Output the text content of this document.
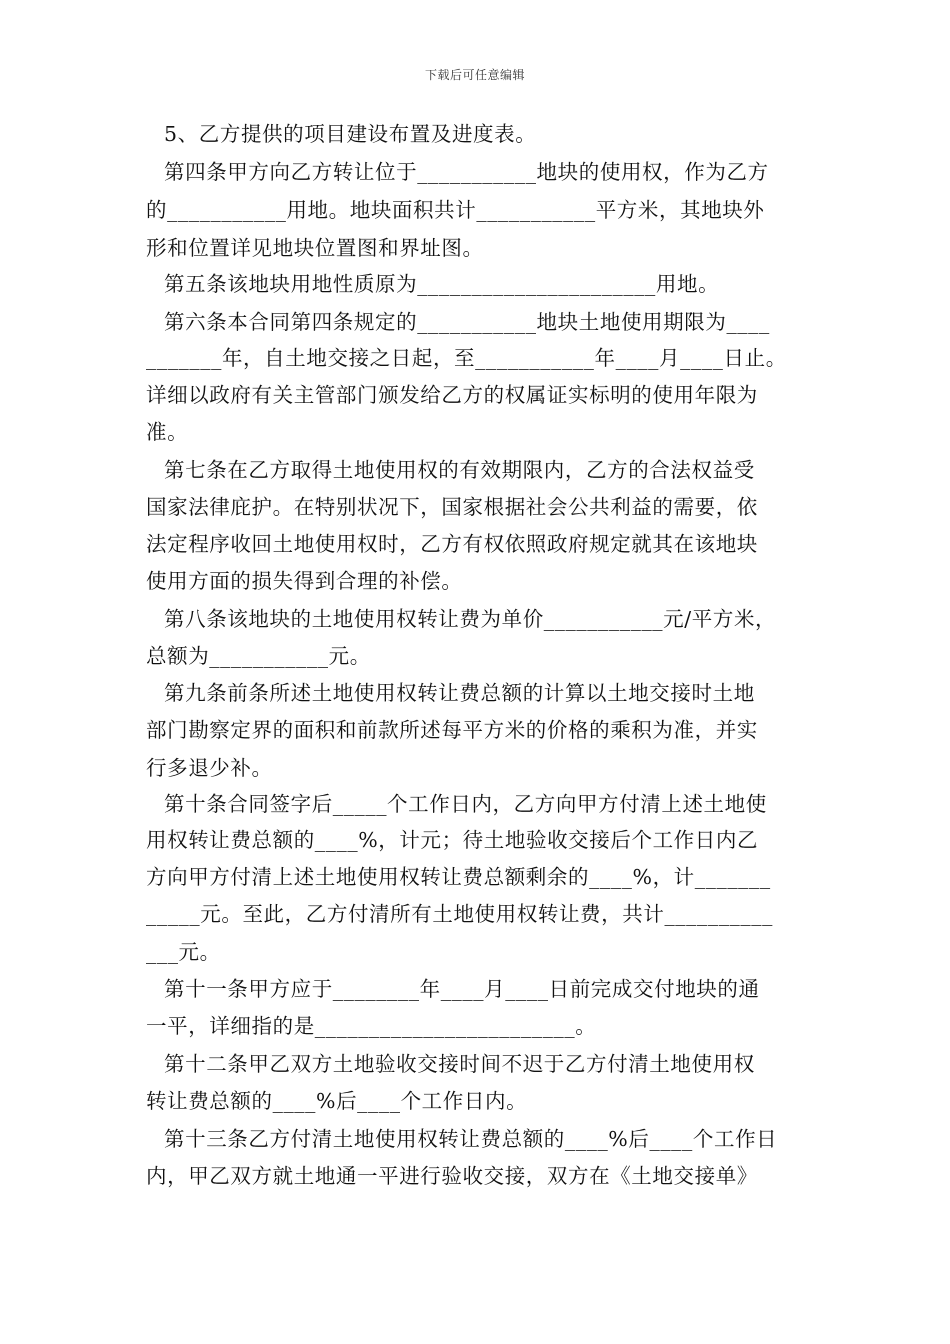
下载后可任意编辑
5、乙方提供的项目建设布置及进度表。
第四条甲方向乙方转让位于___________地块的使用权，作为乙方
的___________用地。地块面积共计___________平方米，其地块外
形和位置详见地块位置图和界址图。
第五条该地块用地性质原为______________________用地。
第六条本合同第四条规定的___________地块土地使用期限为____
_______年，自土地交接之日起，至___________年____月____日止。
详细以政府有关主管部门颁发给乙方的权属证实标明的使用年限为
准。
第七条在乙方取得土地使用权的有效期限内，乙方的合法权益受
国家法律庇护。在特别状况下，国家根据社会公共利益的需要，依
法定程序收回土地使用权时，乙方有权依照政府规定就其在该地块
使用方面的损失得到合理的补偿。
第八条该地块的土地使用权转让费为单价___________元/平方米，
总额为___________元。
第九条前条所述土地使用权转让费总额的计算以土地交接时土地
部门勘察定界的面积和前款所述每平方米的价格的乘积为准，并实
行多退少补。
第十条合同签字后_____个工作日内，乙方向甲方付清上述土地使
用权转让费总额的____%，计元；待土地验收交接后个工作日内乙
方向甲方付清上述土地使用权转让费总额剩余的____%，计_______
_____元。至此，乙方付清所有土地使用权转让费，共计__________
___元。
第十一条甲方应于________年____月____日前完成交付地块的通
一平，详细指的是________________________。
第十二条甲乙双方土地验收交接时间不迟于乙方付清土地使用权
转让费总额的____%后____个工作日内。
第十三条乙方付清土地使用权转让费总额的____%后____个工作日
内，甲乙双方就土地通一平进行验收交接，双方在《土地交接单》
